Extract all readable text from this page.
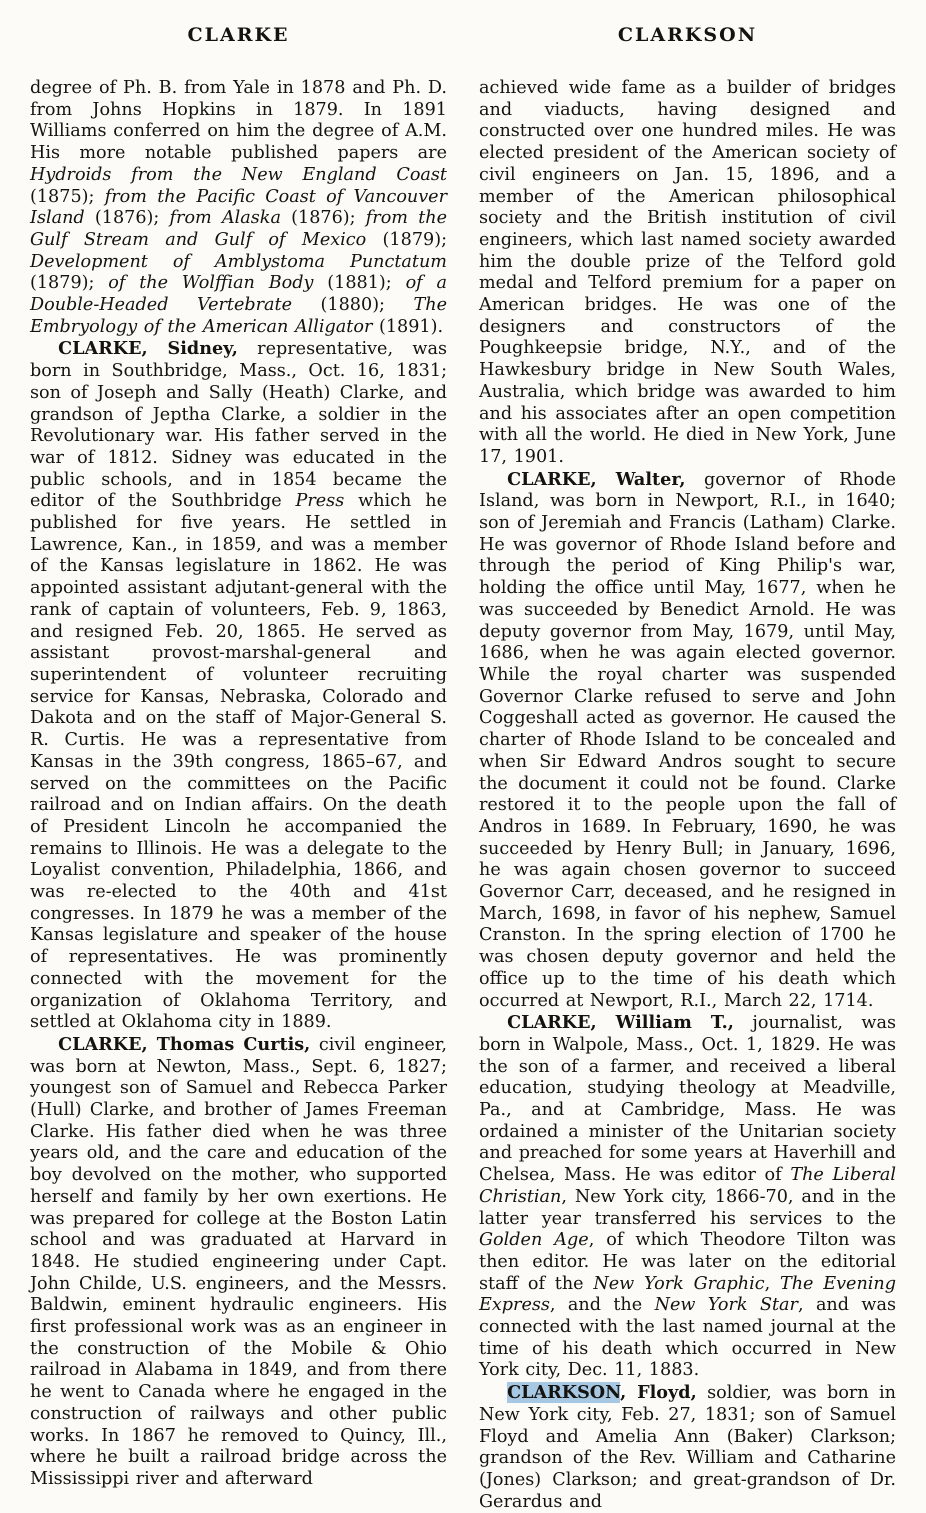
CLARKE

degree of Ph. B. from Yale in 1878 and Ph. D. from Johns Hopkins in 1879. In 1891 Williams conferred on him the degree of A.M. His more notable published papers are Hydroids from the New England Coast (1875); from the Pacific Coast of Vancouver Island (1876); from Alaska (1876); from the Gulf Stream and Gulf of Mexico (1879); Development of Amblystoma Punctatum (1879); of the Wolffian Body (1881); of a Double-Headed Vertebrate (1880); The Embryology of the American Alligator (1891).

CLARKE, Sidney, representative, was born in Southbridge, Mass., Oct. 16, 1831; son of Joseph and Sally (Heath) Clarke, and grandson of Jeptha Clarke, a soldier in the Revolutionary war. His father served in the war of 1812. Sidney was educated in the public schools, and in 1854 became the editor of the Southbridge Press which he published for five years. He settled in Lawrence, Kan., in 1859, and was a member of the Kansas legislature in 1862. He was appointed assistant adjutant-general with the rank of captain of volunteers, Feb. 9, 1863, and resigned Feb. 20, 1865. He served as assistant provost-marshal-general and superintendent of volunteer recruiting service for Kansas, Nebraska, Colorado and Dakota and on the staff of Major-General S. R. Curtis. He was a representative from Kansas in the 39th congress, 1865–67, and served on the committees on the Pacific railroad and on Indian affairs. On the death of President Lincoln he accompanied the remains to Illinois. He was a delegate to the Loyalist convention, Philadelphia, 1866, and was re-elected to the 40th and 41st congresses. In 1879 he was a member of the Kansas legislature and speaker of the house of representatives. He was prominently connected with the movement for the organization of Oklahoma Territory, and settled at Oklahoma city in 1889.

CLARKE, Thomas Curtis, civil engineer, was born at Newton, Mass., Sept. 6, 1827; youngest son of Samuel and Rebecca Parker (Hull) Clarke, and brother of James Freeman Clarke. His father died when he was three years old, and the care and education of the boy devolved on the mother, who supported herself and family by her own exertions. He was prepared for college at the Boston Latin school and was graduated at Harvard in 1848. He studied engineering under Capt. John Childe, U.S. engineers, and the Messrs. Baldwin, eminent hydraulic engineers. His first professional work was as an engineer in the construction of the Mobile & Ohio railroad in Alabama in 1849, and from there he went to Canada where he engaged in the construction of railways and other public works. In 1867 he removed to Quincy, Ill., where he built a railroad bridge across the Mississippi river and afterward

CLARKSON

achieved wide fame as a builder of bridges and viaducts, having designed and constructed over one hundred miles. He was elected president of the American society of civil engineers on Jan. 15, 1896, and a member of the American philosophical society and the British institution of civil engineers, which last named society awarded him the double prize of the Telford gold medal and Telford premium for a paper on American bridges. He was one of the designers and constructors of the Poughkeepsie bridge, N.Y., and of the Hawkesbury bridge in New South Wales, Australia, which bridge was awarded to him and his associates after an open competition with all the world. He died in New York, June 17, 1901.

CLARKE, Walter, governor of Rhode Island, was born in Newport, R.I., in 1640; son of Jeremiah and Francis (Latham) Clarke. He was governor of Rhode Island before and through the period of King Philip's war, holding the office until May, 1677, when he was succeeded by Benedict Arnold. He was deputy governor from May, 1679, until May, 1686, when he was again elected governor. While the royal charter was suspended Governor Clarke refused to serve and John Coggeshall acted as governor. He caused the charter of Rhode Island to be concealed and when Sir Edward Andros sought to secure the document it could not be found. Clarke restored it to the people upon the fall of Andros in 1689. In February, 1690, he was succeeded by Henry Bull; in January, 1696, he was again chosen governor to succeed Governor Carr, deceased, and he resigned in March, 1698, in favor of his nephew, Samuel Cranston. In the spring election of 1700 he was chosen deputy governor and held the office up to the time of his death which occurred at Newport, R.I., March 22, 1714.

CLARKE, William T., journalist, was born in Walpole, Mass., Oct. 1, 1829. He was the son of a farmer, and received a liberal education, studying theology at Meadville, Pa., and at Cambridge, Mass. He was ordained a minister of the Unitarian society and preached for some years at Haverhill and Chelsea, Mass. He was editor of The Liberal Christian, New York city, 1866-70, and in the latter year transferred his services to the Golden Age, of which Theodore Tilton was then editor. He was later on the editorial staff of the New York Graphic, The Evening Express, and the New York Star, and was connected with the last named journal at the time of his death which occurred in New York city, Dec. 11, 1883.

CLARKSON, Floyd, soldier, was born in New York city, Feb. 27, 1831; son of Samuel Floyd and Amelia Ann (Baker) Clarkson; grandson of the Rev. William and Catharine (Jones) Clarkson; and great-grandson of Dr. Gerardus and
